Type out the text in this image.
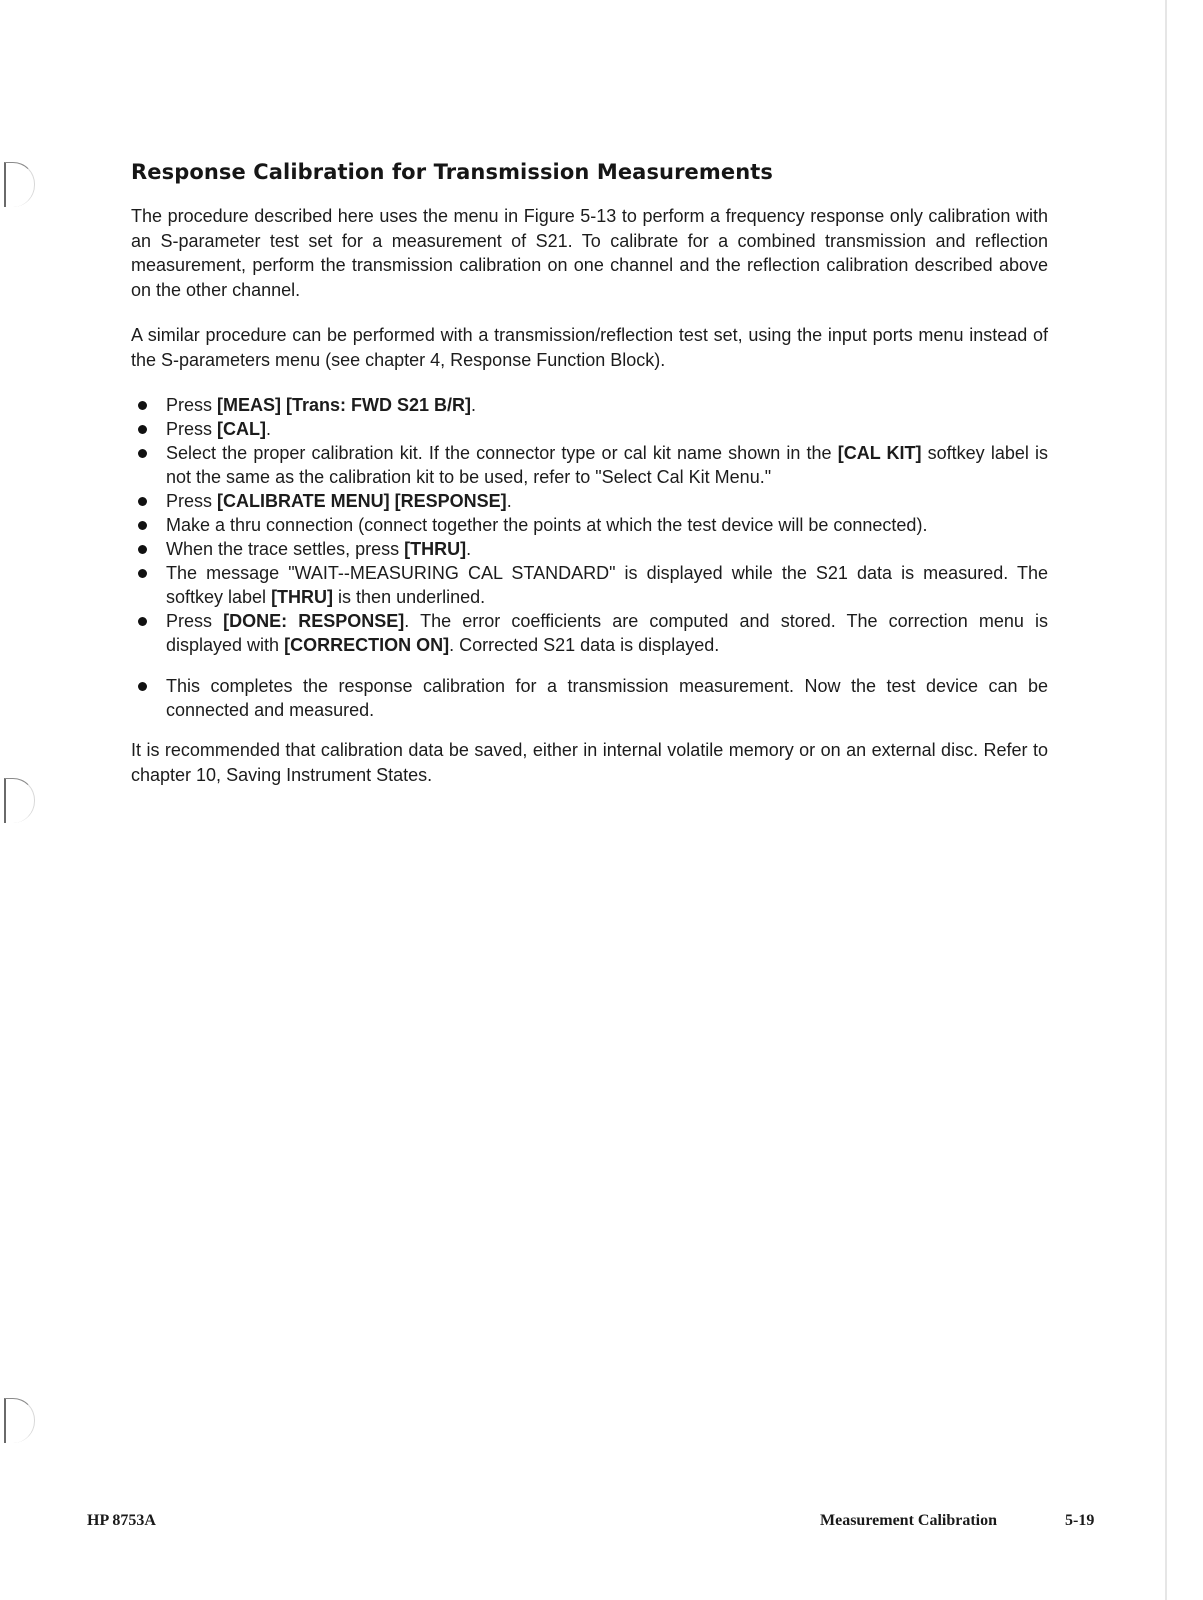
Response Calibration for Transmission Measurements

The procedure described here uses the menu in Figure 5-13 to perform a frequency response only calibration with an S-parameter test set for a measurement of S21. To calibrate for a combined transmission and reflection measurement, perform the transmission calibration on one channel and the reflection calibration described above on the other channel.

A similar procedure can be performed with a transmission/reflection test set, using the input ports menu instead of the S-parameters menu (see chapter 4, Response Function Block).

Press [MEAS] [Trans: FWD S21 B/R].
Press [CAL].
Select the proper calibration kit. If the connector type or cal kit name shown in the [CAL KIT] softkey label is not the same as the calibration kit to be used, refer to "Select Cal Kit Menu."
Press [CALIBRATE MENU] [RESPONSE].
Make a thru connection (connect together the points at which the test device will be connected).
When the trace settles, press [THRU].
The message "WAIT--MEASURING CAL STANDARD" is displayed while the S21 data is measured. The softkey label [THRU] is then underlined.
Press [DONE: RESPONSE]. The error coefficients are computed and stored. The correction menu is displayed with [CORRECTION ON]. Corrected S21 data is displayed.
This completes the response calibration for a transmission measurement. Now the test device can be connected and measured.

It is recommended that calibration data be saved, either in internal volatile memory or on an external disc. Refer to chapter 10, Saving Instrument States.

HP 8753A	Measurement Calibration	5-19
